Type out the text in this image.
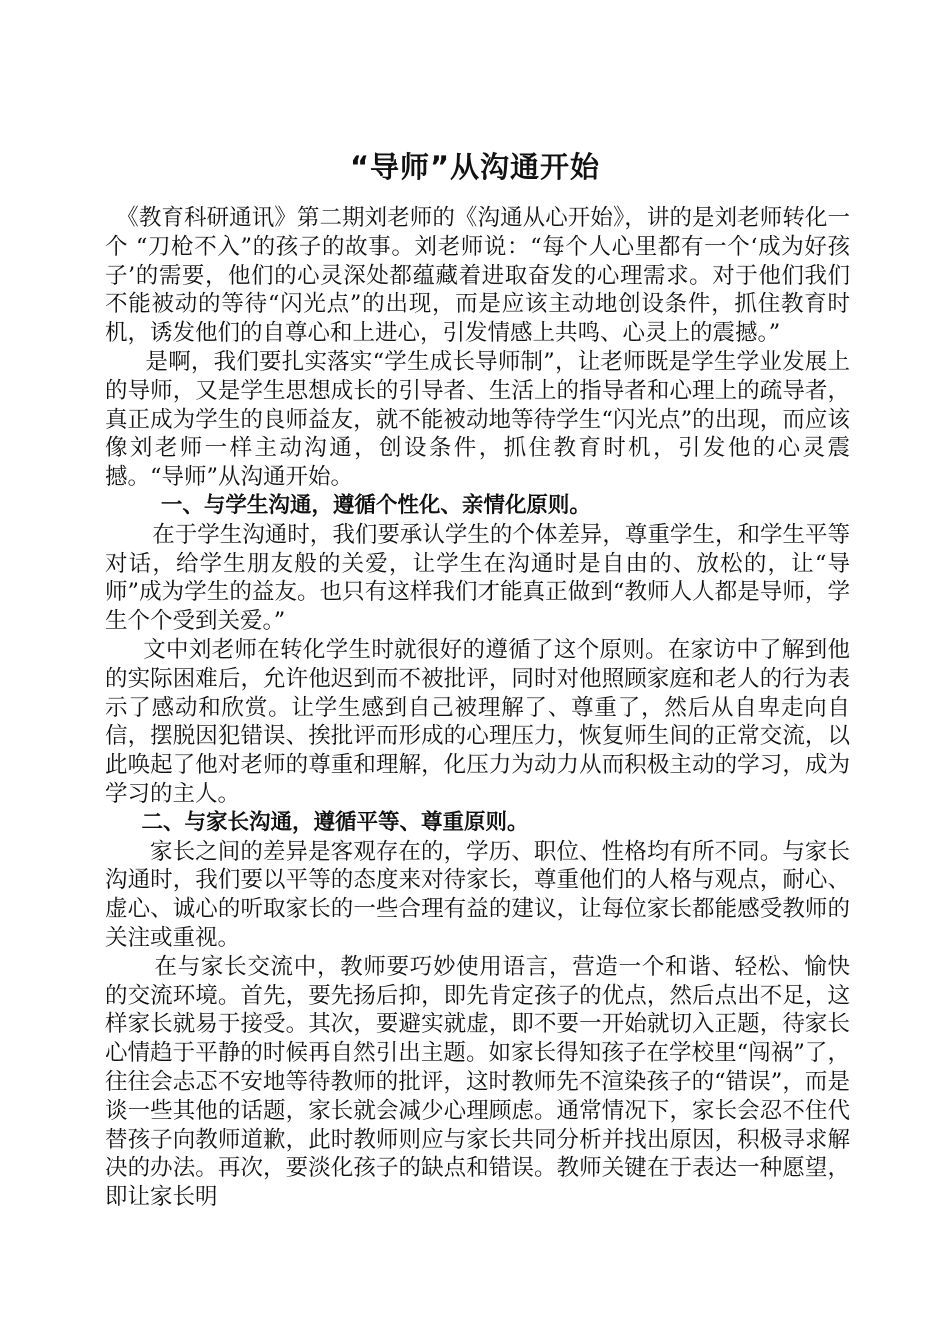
“导师”从沟通开始

《教育科研通讯》第二期刘老师的《沟通从心开始》，讲的是刘老师转化一个 “刀枪不入”的孩子的故事。刘老师说：“每个人心里都有一个‘成为好孩子’的需要，他们的心灵深处都蕴藏着进取奋发的心理需求。对于他们我们不能被动的等待“闪光点”的出现，而是应该主动地创设条件，抓住教育时机，诱发他们的自尊心和上进心，引发情感上共鸣、心灵上的震撼。”

是啊，我们要扎实落实“学生成长导师制”，让老师既是学生学业发展上的导师，又是学生思想成长的引导者、生活上的指导者和心理上的疏导者，真正成为学生的良师益友，就不能被动地等待学生“闪光点”的出现，而应该像刘老师一样主动沟通，创设条件，抓住教育时机，引发他的心灵震撼。“导师”从沟通开始。

一、与学生沟通，遵循个性化、亲情化原则。

在于学生沟通时，我们要承认学生的个体差异，尊重学生，和学生平等对话，给学生朋友般的关爱，让学生在沟通时是自由的、放松的，让“导师”成为学生的益友。也只有这样我们才能真正做到“教师人人都是导师，学生个个受到关爱。”

文中刘老师在转化学生时就很好的遵循了这个原则。在家访中了解到他的实际困难后，允许他迟到而不被批评，同时对他照顾家庭和老人的行为表示了感动和欣赏。让学生感到自己被理解了、尊重了，然后从自卑走向自信，摆脱因犯错误、挨批评而形成的心理压力，恢复师生间的正常交流，以此唤起了他对老师的尊重和理解，化压力为动力从而积极主动的学习，成为学习的主人。

二、与家长沟通，遵循平等、尊重原则。

家长之间的差异是客观存在的，学历、职位、性格均有所不同。与家长沟通时，我们要以平等的态度来对待家长，尊重他们的人格与观点，耐心、虚心、诚心的听取家长的一些合理有益的建议，让每位家长都能感受教师的关注或重视。

在与家长交流中，教师要巧妙使用语言，营造一个和谐、轻松、愉快的交流环境。首先，要先扬后抑，即先肯定孩子的优点，然后点出不足，这样家长就易于接受。其次，要避实就虚，即不要一开始就切入正题，待家长心情趋于平静的时候再自然引出主题。如家长得知孩子在学校里“闯祸”了，往往会忐忑不安地等待教师的批评，这时教师先不渲染孩子的“错误”，而是谈一些其他的话题，家长就会减少心理顾虑。通常情况下，家长会忍不住代替孩子向教师道歉，此时教师则应与家长共同分析并找出原因，积极寻求解决的办法。再次，要淡化孩子的缺点和错误。教师关键在于表达一种愿望，即让家长明
